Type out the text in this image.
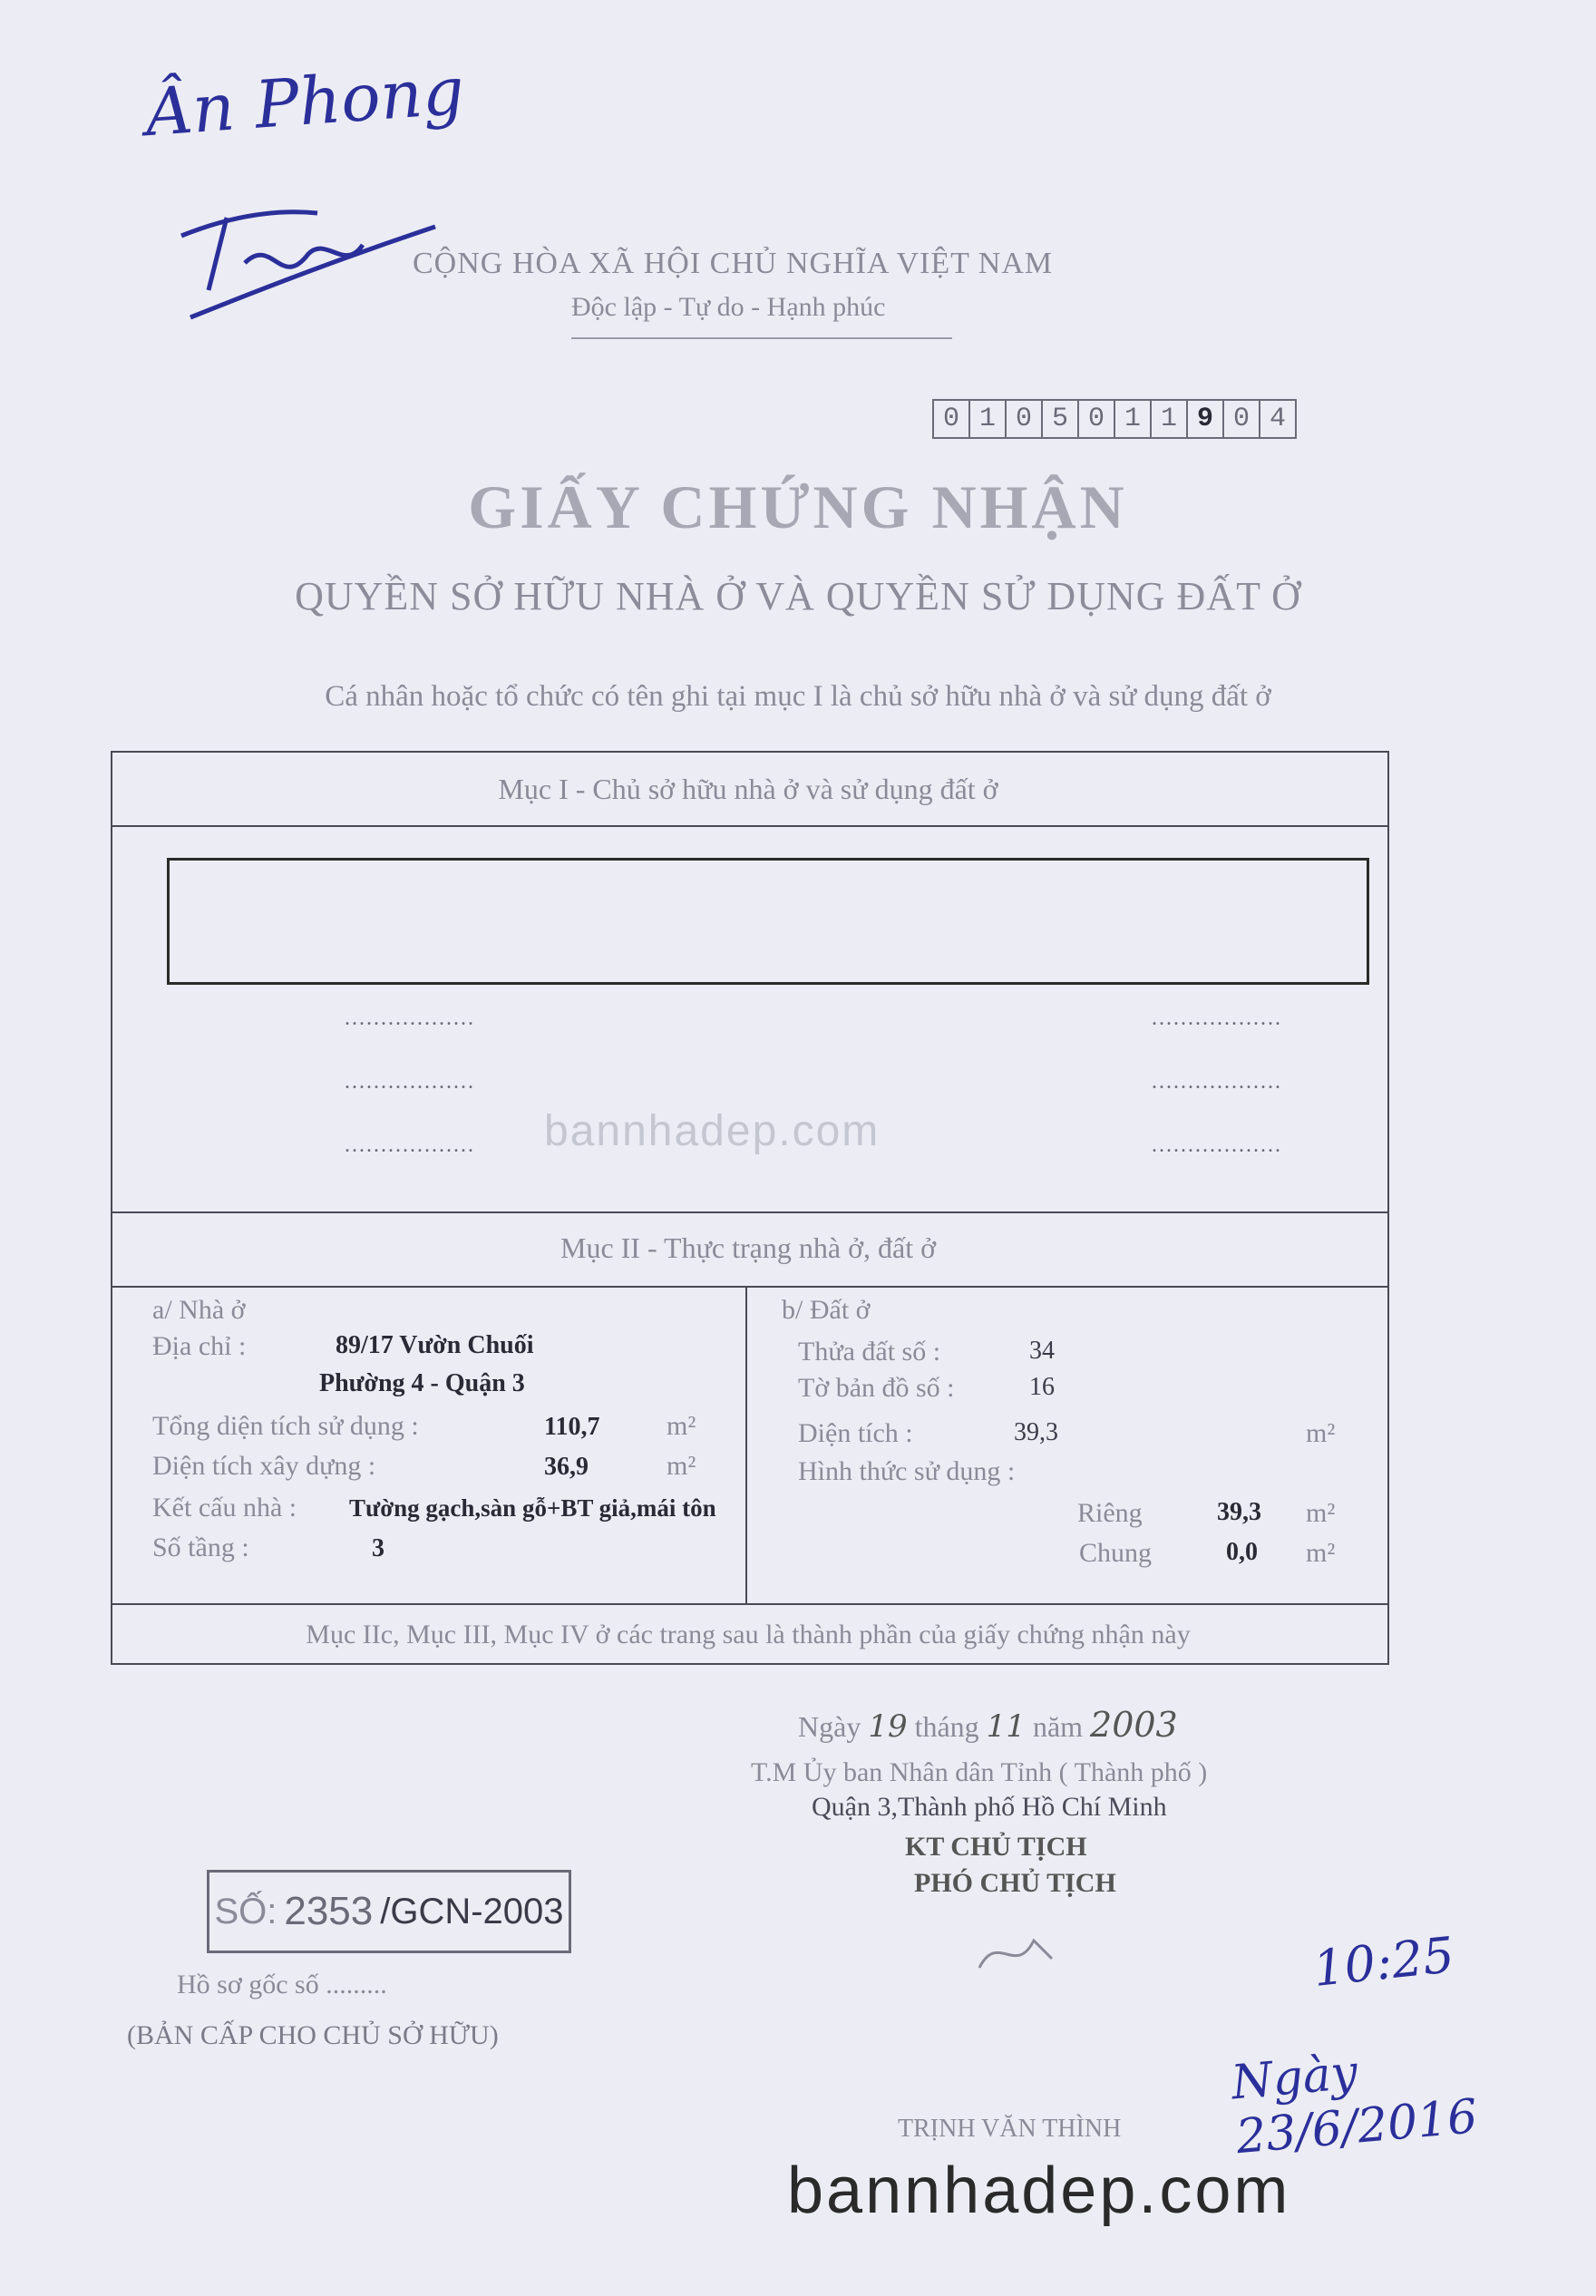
Ân Phong
CỘNG HÒA XÃ HỘI CHỦ NGHĨA VIỆT NAM
Độc lập - Tự do - Hạnh phúc
0 1 0 5 0 1 1 9 0 4
GIẤY CHỨNG NHẬN
QUYỀN SỞ HỮU NHÀ Ở VÀ QUYỀN SỬ DỤNG ĐẤT Ở
Cá nhân hoặc tổ chức có tên ghi tại mục I là chủ sở hữu nhà ở và sử dụng đất ở
Mục I - Chủ sở hữu nhà ở và sử dụng đất ở
..................	..................
..................	..................
..................	..................
bannhadep.com
Mục II - Thực trạng nhà ở, đất ở
a/ Nhà ở
Địa chỉ :	89/17 Vườn Chuối
Phường 4 - Quận 3
Tổng diện tích sử dụng :	110,7 m²
Diện tích xây dựng :	36,9	m²
Kết cấu nhà : Tường gạch,sàn gỗ+BT giả,mái tôn
Số tầng :	3
b/ Đất ở
Thửa đất số :	34
Tờ bản đồ số :	16
Diện tích :	39,3	m²
Hình thức sử dụng :
Riêng	39,3 m²
Chung	0,0 m²
Mục IIc, Mục III, Mục IV ở các trang sau là thành phần của giấy chứng nhận này
Ngày 19 tháng 11 năm 2003
T.M Ủy ban Nhân dân Tỉnh ( Thành phố )
Quận 3,Thành phố Hồ Chí Minh
KT CHỦ TỊCH
PHÓ CHỦ TỊCH
TRỊNH VĂN THÌNH
SỐ: 2353 /GCN-2003
Hồ sơ gốc số .........
(BẢN CẤP CHO CHỦ SỞ HỮU)
10:25
Ngày 23/6/2016
bannhadep.com
